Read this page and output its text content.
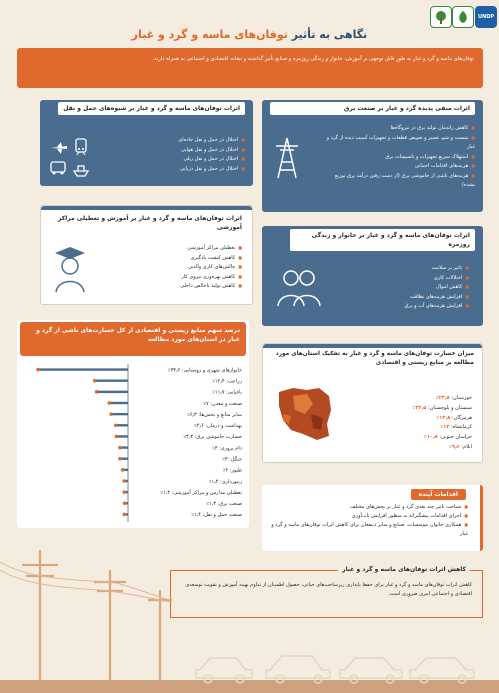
UNDP
نگاهی به تأثیر توفان‌های ماسه و گرد و غبار
توفان‌های ماسه و گرد و غبار به طور قابل توجهی بر آموزش، خانوار و زندگی روزمره و صنایع تأثیر گذاشته و تبعات اقتصادی و اجتماعی به همراه دارند.
اثرات منفی پدیده گرد و غبار بر صنعت برق
■ کاهش راندمان تولید برق در نیروگاه‌ها
■ شست و شو، تعمیر و تعویض قطعات و تجهیزات آسیب دیده از گرد و غبار
■ استهلاک سریع تجهیزات و تاسیسات برق
■ هزینه‌های اقدامات اجتنابی
■ هزینه‌های ناشی از خاموشی برق (از دست رفتن درآمد برق توزیع نشده)
اثرات توفان‌های ماسه و گرد و غبار بر شیوه‌های حمل و نقل
■ اختلال در حمل و نقل جاده‌ای
■ اختلال در حمل و نقل هوایی
■ اختلال در حمل و نقل ریلی
■ اختلال در حمل و نقل دریایی
اثرات توفان‌های ماسه و گرد و غبار بر آموزش و تعطیلی مراکز آموزشی
■ تعطیلی مراکز آموزشی
■ کاهش کیفیت یادگیری
■ چالش‌های کاری والدین
■ کاهش بهره‌وری نیروی کار
■ کاهش تولید ناخالص داخلی
اثرات توفان‌های ماسه و گرد و غبار بر خانوار و زندگی روزمره
■ تاثیر بر سلامت
■ اختلالات کاری
■ کاهش اموال
■ افزایش هزینه‌های نظافت
■ افزایش هزینه‌های آب و برق
درصد سهم منابع زیستی و اقتصادی از کل خسارت‌های ناشی از گرد و غبار در استان‌های مورد مطالعه
خانوارهای شهری و روستایی: ۳۳٫۶٪
زراعت: ۱۲٫۴٪
باغبانی: ۱۱٫۷٪
صنعت و معدن: ۷٪
سایر منابع و بخش‌ها: ۶٫۳٪
بهداشت و درمان: ۴٫۶٪
خسارت خاموشی برق: ۴٫۳٪
دام پروری: ۳٪
جنگل: ۳٪
طیور: ۲٪
زنبورداری: ۱٫۴٪
تعطیلی مدارس و مراکز آموزشی: ۱٫۴٪
صنعت برق: ۱٫۳٪
صنعت حمل و نقل: ۱٫۴٪
میزان خسارت توفان‌های ماسه و گرد و غبار به تفکیک استان‌های مورد مطالعه بر منابع زیستی و اقتصادی
خوزستان: ۲۳٫۸٪
سیستان و بلوچستان: ۲۲٫۵٪
هرمزگان: ۱۳٫۸٪
کرمانشاه: ۱۲٪
خراسان جنوبی: ۱۰٫۸٪
ایلام: ۹٫۶٪
اقدامات آینده
■ شناخت تاثیر چند بعدی گرد و غبار بر بخش‌های مختلف
■ اجرای اقدامات پیشگیرانه به منظور افزایش تاب‌آوری
■ همکاری خانوار، موسسات، صنایع و سایر ذینفعان برای کاهش اثرات توفان‌های ماسه و گرد و غبار
کاهش اثرات توفان‌های ماسه و گرد و غبار
کاهش اثرات توفان‌های ماسه و گرد و غبار برای حفظ پایداری زیرساخت‌های حیاتی، حصول اطمینان از تداوم بهینه آموزش و تقویت توسعه‌ی اقتصادی و اجتماعی امری ضروری است.
